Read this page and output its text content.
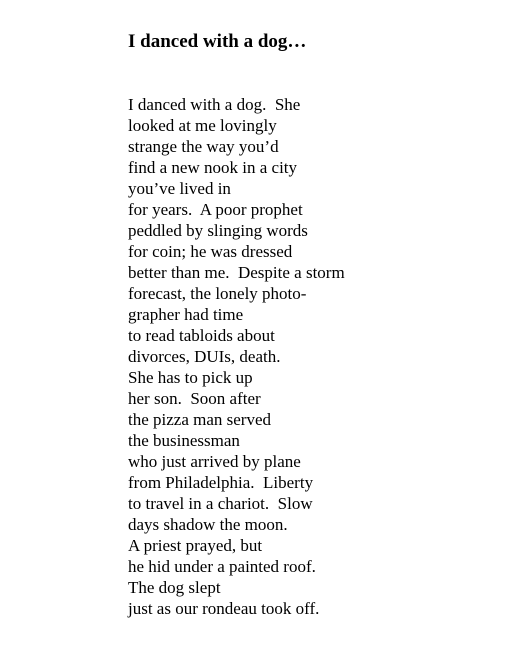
I danced with a dog…
I danced with a dog.  She
looked at me lovingly
strange the way you’d
find a new nook in a city
you’ve lived in
for years.  A poor prophet
peddled by slinging words
for coin; he was dressed
better than me.  Despite a storm
forecast, the lonely photo-
grapher had time
to read tabloids about
divorces, DUIs, death.
She has to pick up
her son.  Soon after
the pizza man served
the businessman
who just arrived by plane
from Philadelphia.  Liberty
to travel in a chariot.  Slow
days shadow the moon.
A priest prayed, but
he hid under a painted roof.
The dog slept
just as our rondeau took off.
